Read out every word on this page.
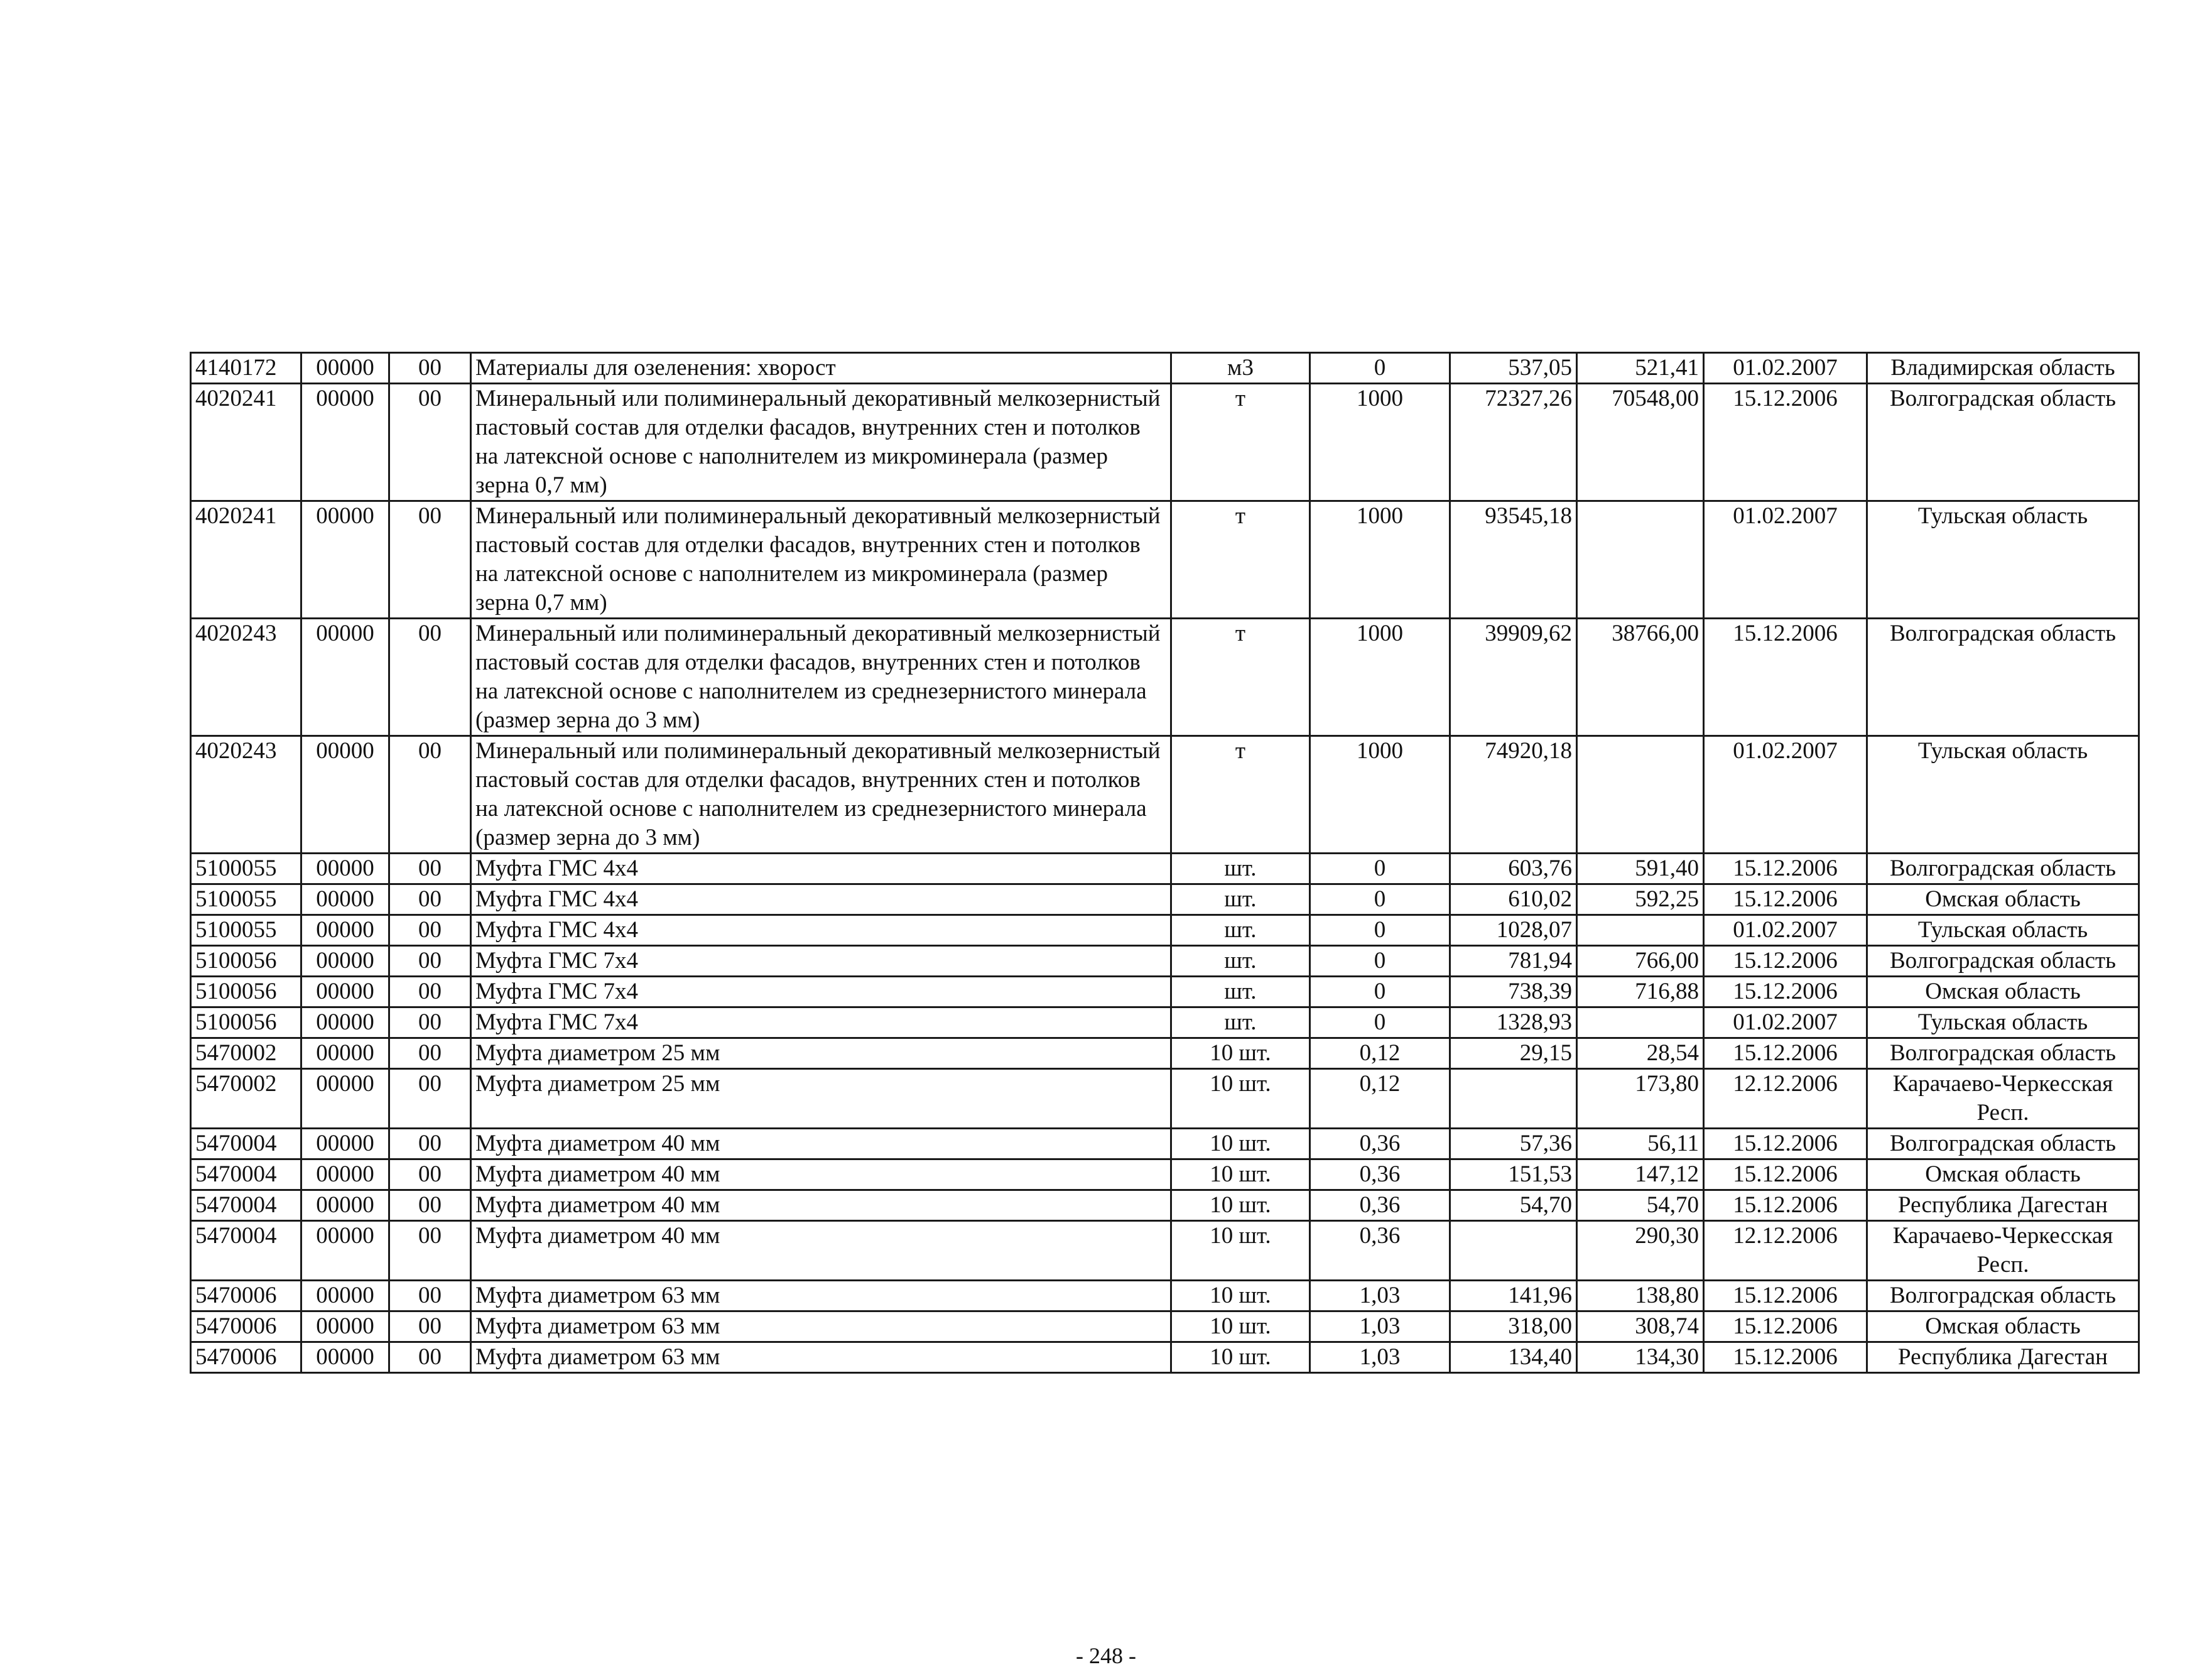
4140172	00000	00	Материалы для озеленения: хворост	м3	0	537,05	521,41	01.02.2007	Владимирская область
4020241	00000	00	Минеральный или полиминеральный декоративный мелкозернистый пастовый состав для отделки фасадов, внутренних стен и потолков на латексной основе с наполнителем из микроминерала (размер зерна 0,7 мм)	т	1000	72327,26	70548,00	15.12.2006	Волгоградская область
4020241	00000	00	Минеральный или полиминеральный декоративный мелкозернистый пастовый состав для отделки фасадов, внутренних стен и потолков на латексной основе с наполнителем из микроминерала (размер зерна 0,7 мм)	т	1000	93545,18		01.02.2007	Тульская область
4020243	00000	00	Минеральный или полиминеральный декоративный мелкозернистый пастовый состав для отделки фасадов, внутренних стен и потолков на латексной основе с наполнителем из среднезернистого минерала (размер зерна до 3 мм)	т	1000	39909,62	38766,00	15.12.2006	Волгоградская область
4020243	00000	00	Минеральный или полиминеральный декоративный мелкозернистый пастовый состав для отделки фасадов, внутренних стен и потолков на латексной основе с наполнителем из среднезернистого минерала (размер зерна до 3 мм)	т	1000	74920,18		01.02.2007	Тульская область
5100055	00000	00	Муфта ГМС 4х4	шт.	0	603,76	591,40	15.12.2006	Волгоградская область
5100055	00000	00	Муфта ГМС 4х4	шт.	0	610,02	592,25	15.12.2006	Омская область
5100055	00000	00	Муфта ГМС 4х4	шт.	0	1028,07		01.02.2007	Тульская область
5100056	00000	00	Муфта ГМС 7х4	шт.	0	781,94	766,00	15.12.2006	Волгоградская область
5100056	00000	00	Муфта ГМС 7х4	шт.	0	738,39	716,88	15.12.2006	Омская область
5100056	00000	00	Муфта ГМС 7х4	шт.	0	1328,93		01.02.2007	Тульская область
5470002	00000	00	Муфта диаметром 25 мм	10 шт.	0,12	29,15	28,54	15.12.2006	Волгоградская область
5470002	00000	00	Муфта диаметром 25 мм	10 шт.	0,12		173,80	12.12.2006	Карачаево-Черкесская Респ.
5470004	00000	00	Муфта диаметром 40 мм	10 шт.	0,36	57,36	56,11	15.12.2006	Волгоградская область
5470004	00000	00	Муфта диаметром 40 мм	10 шт.	0,36	151,53	147,12	15.12.2006	Омская область
5470004	00000	00	Муфта диаметром 40 мм	10 шт.	0,36	54,70	54,70	15.12.2006	Республика Дагестан
5470004	00000	00	Муфта диаметром 40 мм	10 шт.	0,36		290,30	12.12.2006	Карачаево-Черкесская Респ.
5470006	00000	00	Муфта диаметром 63 мм	10 шт.	1,03	141,96	138,80	15.12.2006	Волгоградская область
5470006	00000	00	Муфта диаметром 63 мм	10 шт.	1,03	318,00	308,74	15.12.2006	Омская область
5470006	00000	00	Муфта диаметром 63 мм	10 шт.	1,03	134,40	134,30	15.12.2006	Республика Дагестан
- 248 -
